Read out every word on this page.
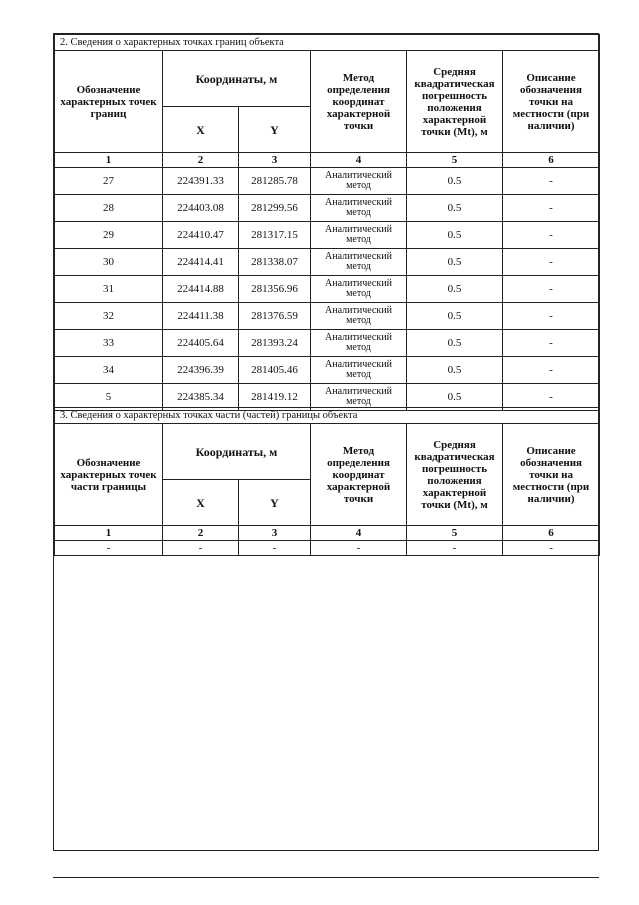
2. Сведения о характерных точках границ объекта					
Обозначение характерных точек границ	Координаты, м		Метод определения координат характерной точки	Средняя квадратическая погрешность положения характерной точки (Mt), м	Описание обозначения точки на местности (при наличии)
	X	Y			
1	2	3	4	5	6
27	224391.33	281285.78	Аналитический метод	0.5	-
28	224403.08	281299.56	Аналитический метод	0.5	-
29	224410.47	281317.15	Аналитический метод	0.5	-
30	224414.41	281338.07	Аналитический метод	0.5	-
31	224414.88	281356.96	Аналитический метод	0.5	-
32	224411.38	281376.59	Аналитический метод	0.5	-
33	224405.64	281393.24	Аналитический метод	0.5	-
34	224396.39	281405.46	Аналитический метод	0.5	-
5	224385.34	281419.12	Аналитический метод	0.5	-
3. Сведения о характерных точках части (частей) границы объекта					
Обозначение характерных точек части границы	Координаты, м		Метод определения координат характерной точки	Средняя квадратическая погрешность положения характерной точки (Mt), м	Описание обозначения точки на местности (при наличии)
	X	Y			
1	2	3	4	5	6
-	-	-	-	-	-
